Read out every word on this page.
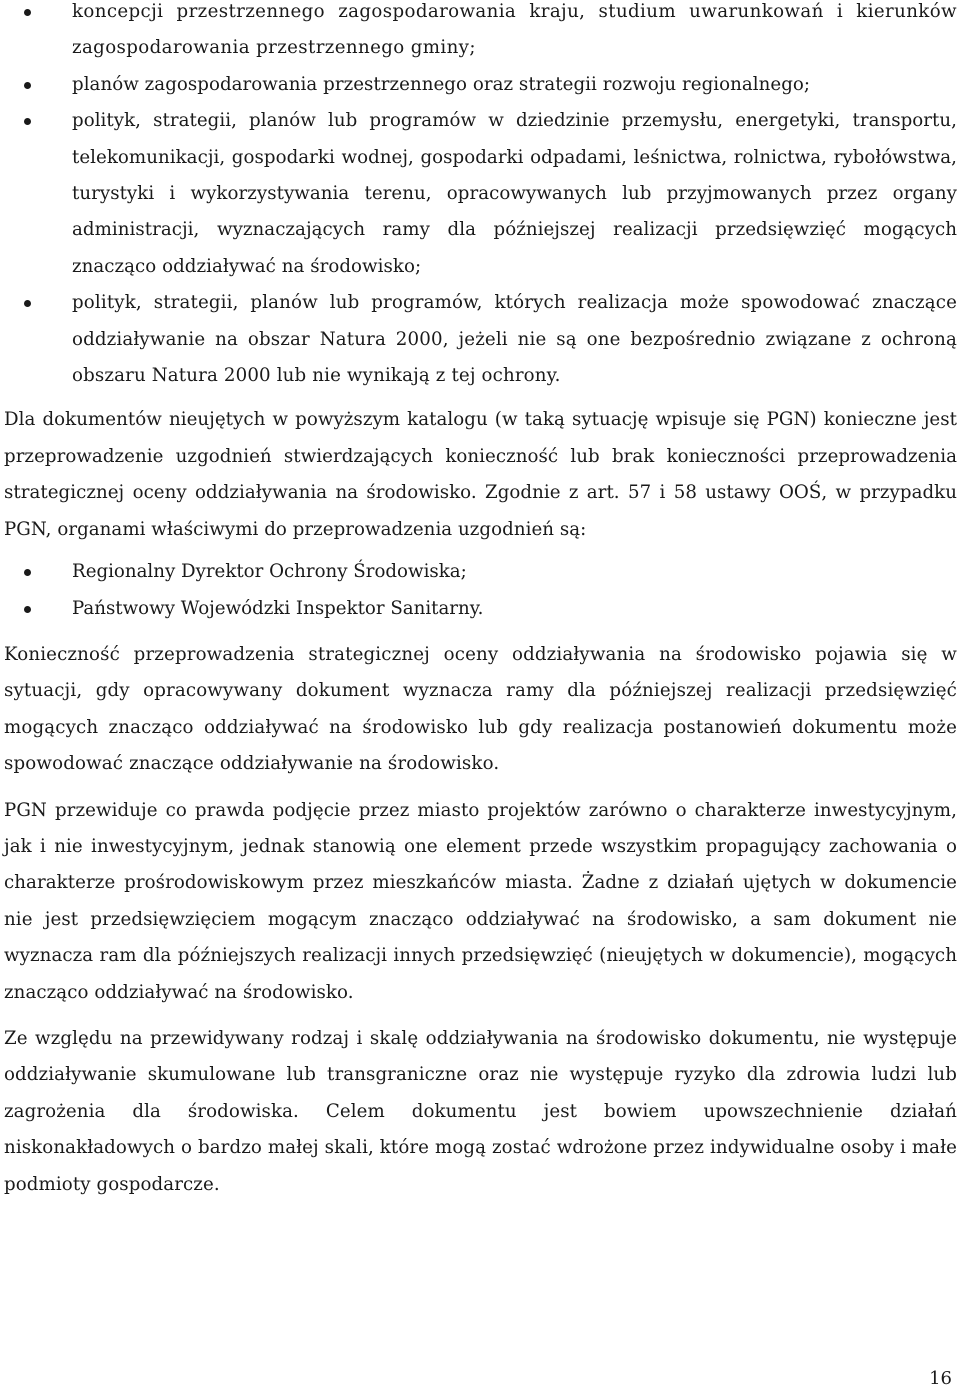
koncepcji przestrzennego zagospodarowania kraju, studium uwarunkowań i kierunków zagospodarowania przestrzennego gminy;
planów zagospodarowania przestrzennego oraz strategii rozwoju regionalnego;
polityk, strategii, planów lub programów w dziedzinie przemysłu, energetyki, transportu, telekomunikacji, gospodarki wodnej, gospodarki odpadami, leśnictwa, rolnictwa, rybołówstwa, turystyki i wykorzystywania terenu, opracowywanych lub przyjmowanych przez organy administracji, wyznaczających ramy dla późniejszej realizacji przedsięwzięć mogących znacząco oddziaływać na środowisko;
polityk, strategii, planów lub programów, których realizacja może spowodować znaczące oddziaływanie na obszar Natura 2000, jeżeli nie są one bezpośrednio związane z ochroną obszaru Natura 2000 lub nie wynikają z tej ochrony.

Dla dokumentów nieujętych w powyższym katalogu (w taką sytuację wpisuje się PGN) konieczne jest przeprowadzenie uzgodnień stwierdzających konieczność lub brak konieczności przeprowadzenia strategicznej oceny oddziaływania na środowisko. Zgodnie z art. 57 i 58 ustawy OOŚ, w przypadku PGN, organami właściwymi do przeprowadzenia uzgodnień są:

Regionalny Dyrektor Ochrony Środowiska;
Państwowy Wojewódzki Inspektor Sanitarny.

Konieczność przeprowadzenia strategicznej oceny oddziaływania na środowisko pojawia się w sytuacji, gdy opracowywany dokument wyznacza ramy dla późniejszej realizacji przedsięwzięć mogących znacząco oddziaływać na środowisko lub gdy realizacja postanowień dokumentu może spowodować znaczące oddziaływanie na środowisko.

PGN przewiduje co prawda podjęcie przez miasto projektów zarówno o charakterze inwestycyjnym, jak i nie inwestycyjnym, jednak stanowią one element przede wszystkim propagujący zachowania o charakterze prośrodowiskowym przez mieszkańców miasta. Żadne z działań ujętych w dokumencie nie jest przedsięwzięciem mogącym znacząco oddziaływać na środowisko, a sam dokument nie wyznacza ram dla późniejszych realizacji innych przedsięwzięć (nieujętych w dokumencie), mogących znacząco oddziaływać na środowisko.

Ze względu na przewidywany rodzaj i skalę oddziaływania na środowisko dokumentu, nie występuje oddziaływanie skumulowane lub transgraniczne oraz nie występuje ryzyko dla zdrowia ludzi lub zagrożenia dla środowiska. Celem dokumentu jest bowiem upowszechnienie działań niskonakładowych o bardzo małej skali, które mogą zostać wdrożone przez indywidualne osoby i małe podmioty gospodarcze.

16
